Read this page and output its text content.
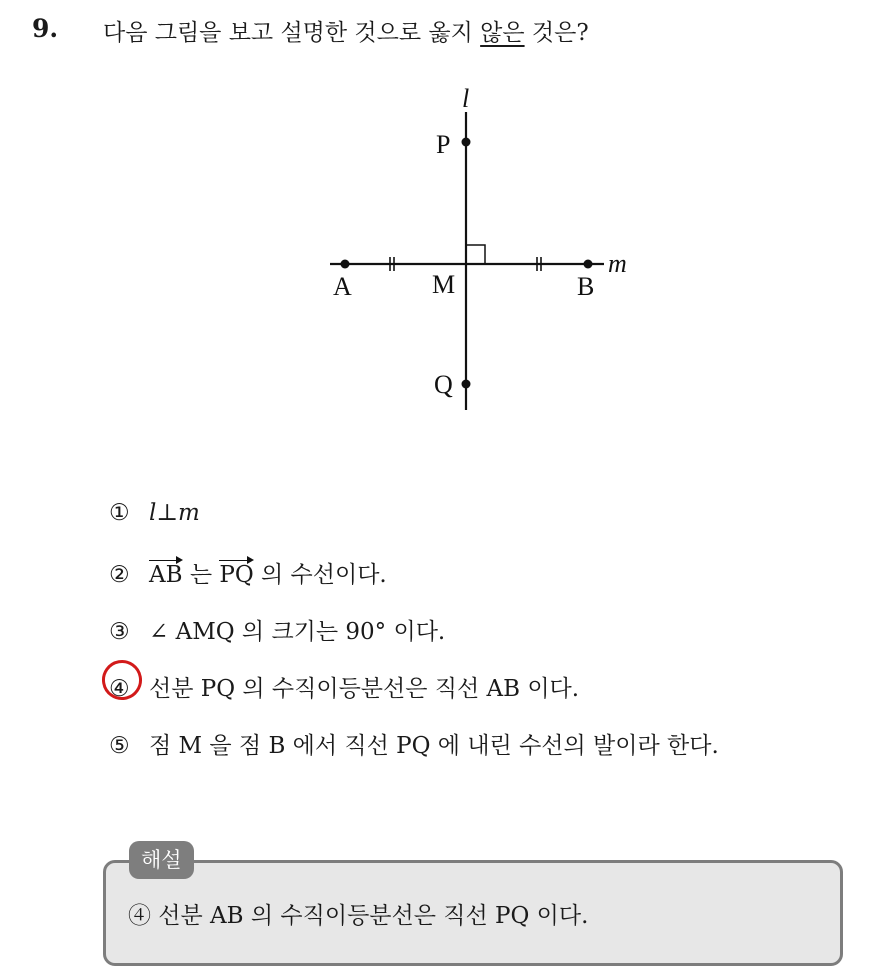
9. 다음 그림을 보고 설명한 것으로 옳지 않은 것은?
l
m
P
Q
A	M	B
① l⊥m
② AB 는 PQ 의 수선이다.
③ ∠ AMQ 의 크기는 90° 이다.
④ 선분 PQ 의 수직이등분선은 직선 AB 이다.
⑤ 점 M 을 점 B 에서 직선 PQ 에 내린 수선의 발이라 한다.
해설
④ 선분 AB 의 수직이등분선은 직선 PQ 이다.
